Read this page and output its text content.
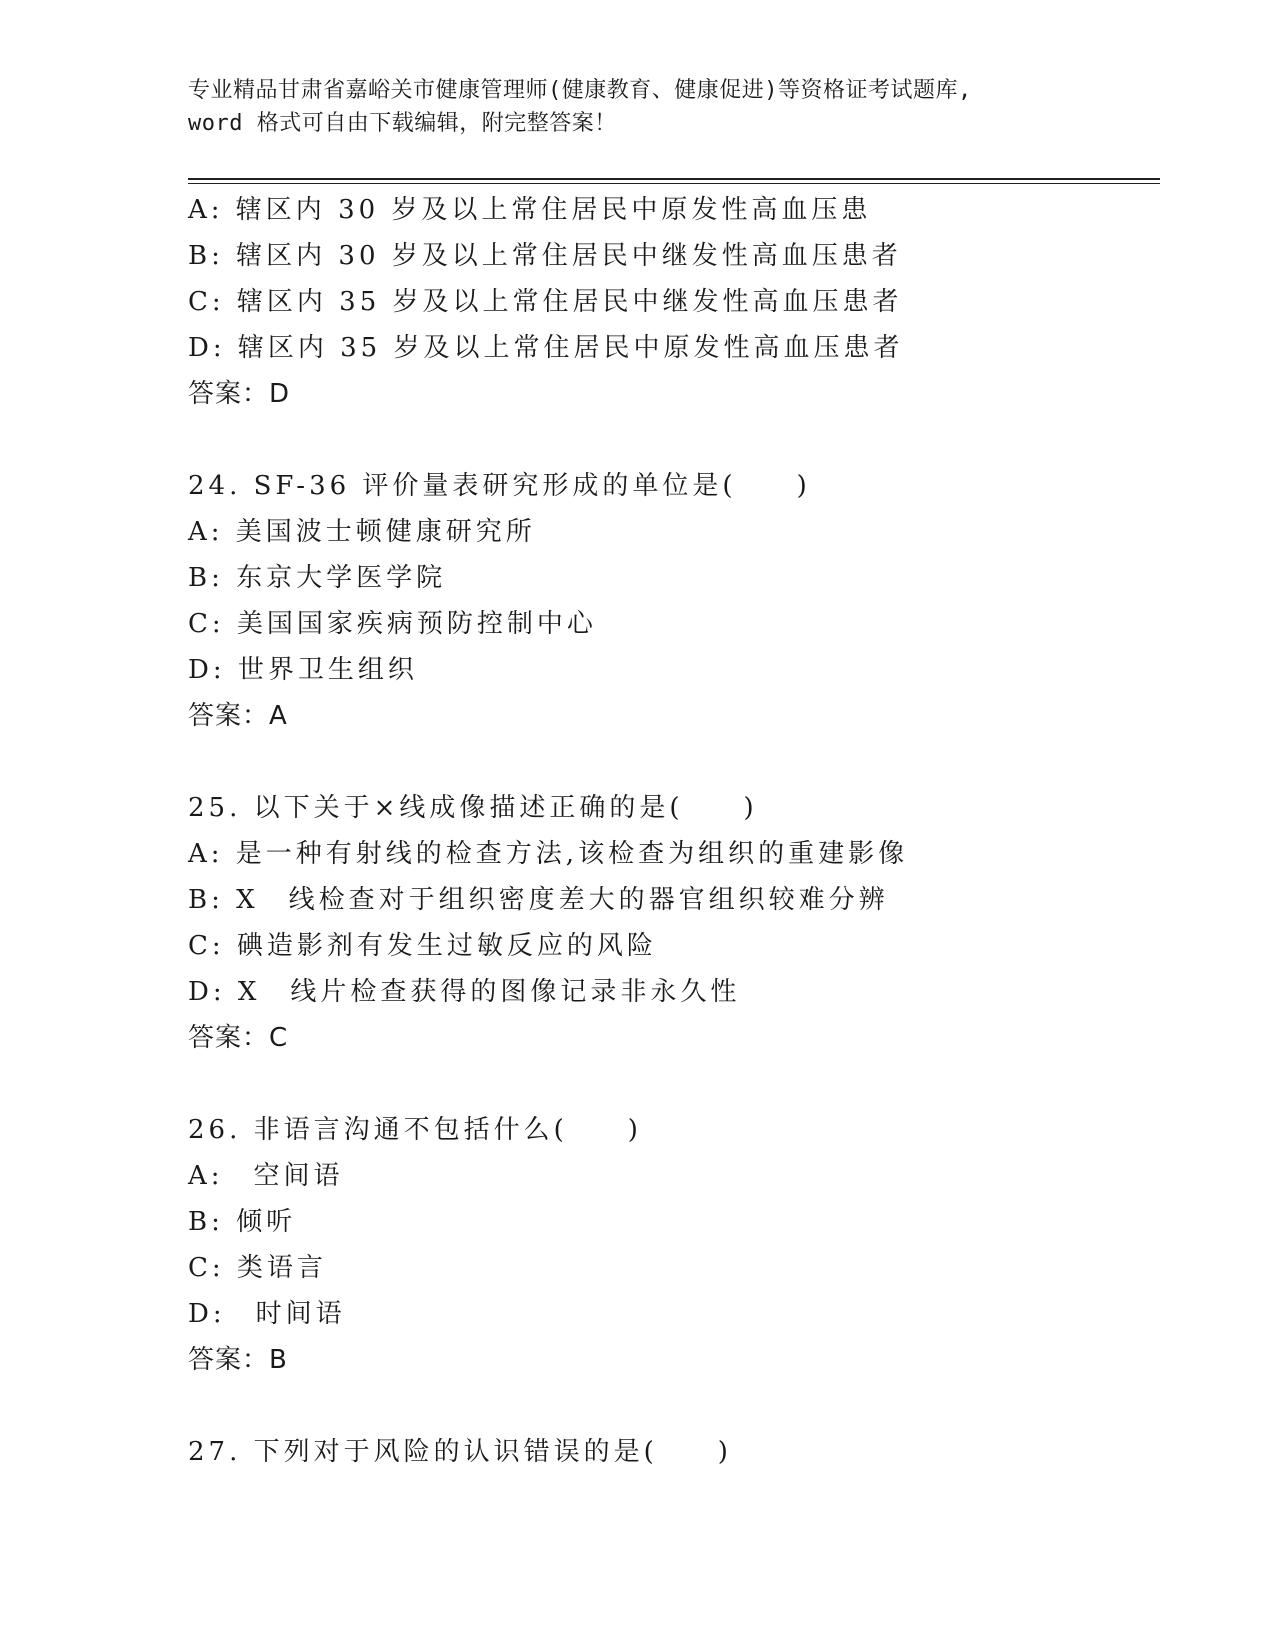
专业精品甘肃省嘉峪关市健康管理师(健康教育、健康促进)等资格证考试题库,
word 格式可自由下载编辑，附完整答案！
A: 辖区内 30 岁及以上常住居民中原发性高血压患
B: 辖区内 30 岁及以上常住居民中继发性高血压患者
C: 辖区内 35 岁及以上常住居民中继发性高血压患者
D: 辖区内 35 岁及以上常住居民中原发性高血压患者
答案：D
24. SF-36 评价量表研究形成的单位是(　　)
A: 美国波士顿健康研究所
B: 东京大学医学院
C: 美国国家疾病预防控制中心
D: 世界卫生组织
答案：A
25. 以下关于×线成像描述正确的是(　　)
A: 是一种有射线的检查方法,该检查为组织的重建影像
B: X　线检查对于组织密度差大的器官组织较难分辨
C: 碘造影剂有发生过敏反应的风险
D: X　线片检查获得的图像记录非永久性
答案：C
26. 非语言沟通不包括什么(　　)
A:　空间语
B: 倾听
C: 类语言
D:　时间语
答案：B
27. 下列对于风险的认识错误的是(　　)
